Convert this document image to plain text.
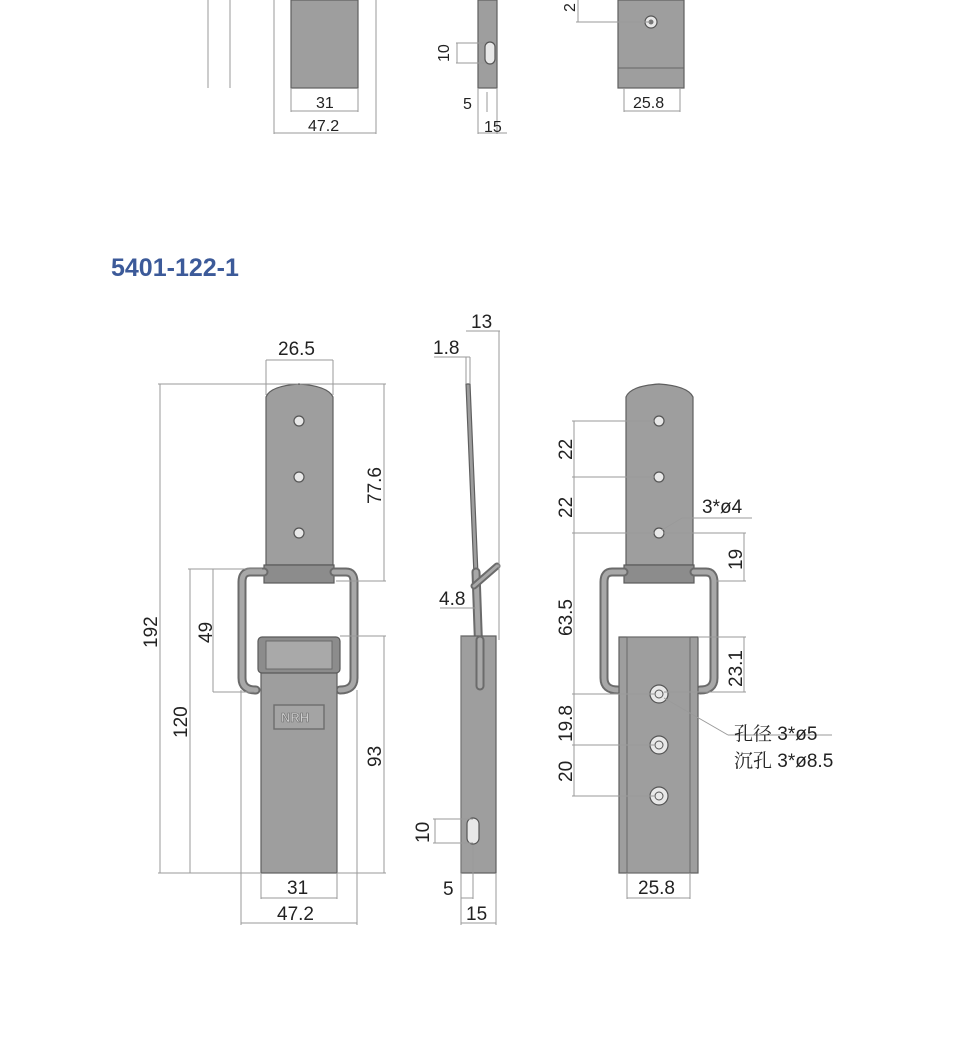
5401-122-1
31
47.2
10
5
15
2
25.8
NRH
26.5
192
120
49
77.6
93
31
47.2
13
1.8
4.8
10
5
15
22
22
63.5
19.8
20
3*ø4
19
23.1
孔径 3*ø5
沉孔 3*ø8.5
25.8
